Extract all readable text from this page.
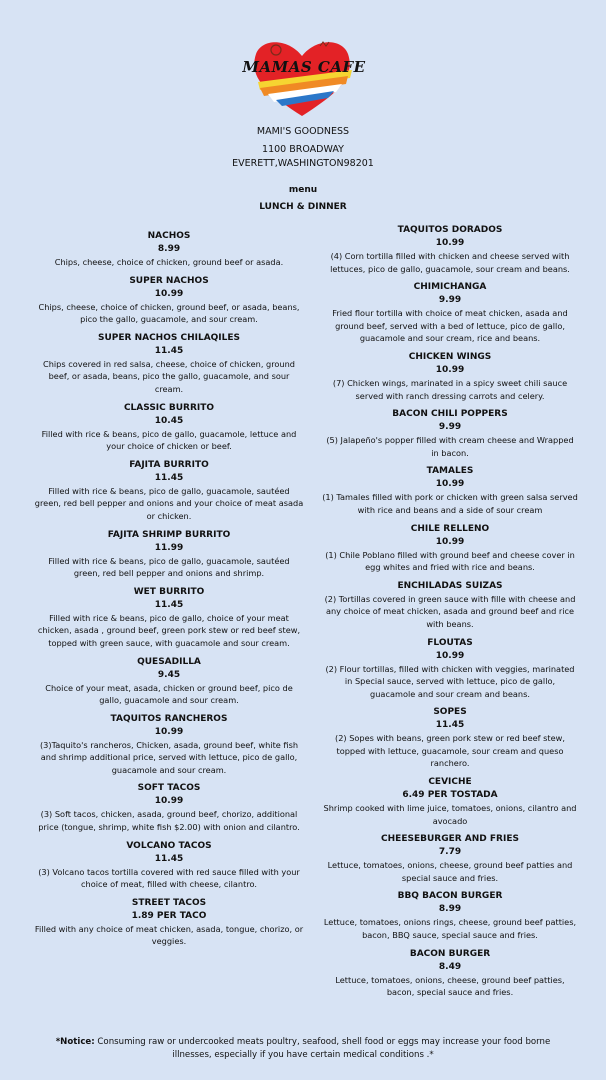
MAMAS CAFE
MAMI'S GOODNESS
1100 BROADWAY
EVERETT,WASHINGTON98201
menu
LUNCH & DINNER
NACHOS
8.99
Chips, cheese, choice of chicken, ground beef or asada.
SUPER NACHOS
10.99
Chips, cheese, choice of chicken, ground beef, or asada, beans, pico the gallo, guacamole, and sour cream.
SUPER NACHOS CHILAQILES
11.45
Chips covered in red salsa, cheese, choice of chicken, ground beef, or asada, beans, pico the gallo, guacamole, and sour cream.
CLASSIC BURRITO
10.45
Filled with rice & beans, pico de gallo, guacamole, lettuce and your choice of chicken or beef.
FAJITA BURRITO
11.45
Filled with rice & beans, pico de gallo, guacamole, sautéed green, red bell pepper and onions and your choice of meat asada or chicken.
FAJITA SHRIMP BURRITO
11.99
Filled with rice & beans, pico de gallo, guacamole, sautéed green, red bell pepper and onions and shrimp.
WET BURRITO
11.45
Filled with rice & beans, pico de gallo, choice of your meat chicken, asada , ground beef, green pork stew or red beef stew, topped with green sauce, with guacamole and sour cream.
QUESADILLA
9.45
Choice of your meat, asada, chicken or ground beef, pico de gallo, guacamole and sour cream.
TAQUITOS RANCHEROS
10.99
(3)Taquito's rancheros, Chicken, asada, ground beef, white fish and shrimp additional price, served with lettuce, pico de gallo, guacamole and sour cream.
SOFT TACOS
10.99
(3) Soft tacos, chicken, asada, ground beef, chorizo, additional price (tongue, shrimp, white fish $2.00) with onion and cilantro.
VOLCANO TACOS
11.45
(3) Volcano tacos tortilla covered with red sauce filled with your choice of meat, filled with cheese, cilantro.
STREET TACOS
1.89 PER TACO
Filled with any choice of meat chicken, asada, tongue, chorizo, or veggies.
TAQUITOS DORADOS
10.99
(4) Corn tortilla filled with chicken and cheese served with lettuces, pico de gallo, guacamole, sour cream and beans.
CHIMICHANGA
9.99
Fried flour tortilla with choice of meat chicken, asada and ground beef, served with a bed of lettuce, pico de gallo, guacamole and sour cream, rice and beans.
CHICKEN WINGS
10.99
(7) Chicken wings, marinated in a spicy sweet chili sauce served with ranch dressing carrots and celery.
BACON CHILI POPPERS
9.99
(5) Jalapeño's popper filled with cream cheese and Wrapped in bacon.
TAMALES
10.99
(1) Tamales filled with pork or chicken with green salsa served with rice and beans and a side of sour cream
CHILE RELLENO
10.99
(1) Chile Poblano filled with ground beef and cheese cover in egg whites and fried with rice and beans.
ENCHILADAS SUIZAS
(2) Tortillas covered in green sauce with fille with cheese and any choice of meat chicken, asada and ground beef and rice with beans.
FLOUTAS
10.99
(2) Flour tortillas, filled with chicken with veggies, marinated in Special sauce, served with lettuce, pico de gallo, guacamole and sour cream and beans.
SOPES
11.45
(2) Sopes with beans, green pork stew or red beef stew, topped with lettuce, guacamole, sour cream and queso ranchero.
CEVICHE
6.49 PER TOSTADA
Shrimp cooked with lime juice, tomatoes, onions, cilantro and avocado
CHEESEBURGER AND FRIES
7.79
Lettuce, tomatoes, onions, cheese, ground beef patties and special sauce and fries.
BBQ BACON BURGER
8.99
Lettuce, tomatoes, onions rings, cheese, ground beef patties, bacon, BBQ sauce, special sauce and fries.
BACON BURGER
8.49
Lettuce, tomatoes, onions, cheese, ground beef patties, bacon, special sauce and fries.
*Notice: Consuming raw or undercooked meats poultry, seafood, shell food or eggs may increase your food borne illnesses, especially if you have certain medical conditions .*
